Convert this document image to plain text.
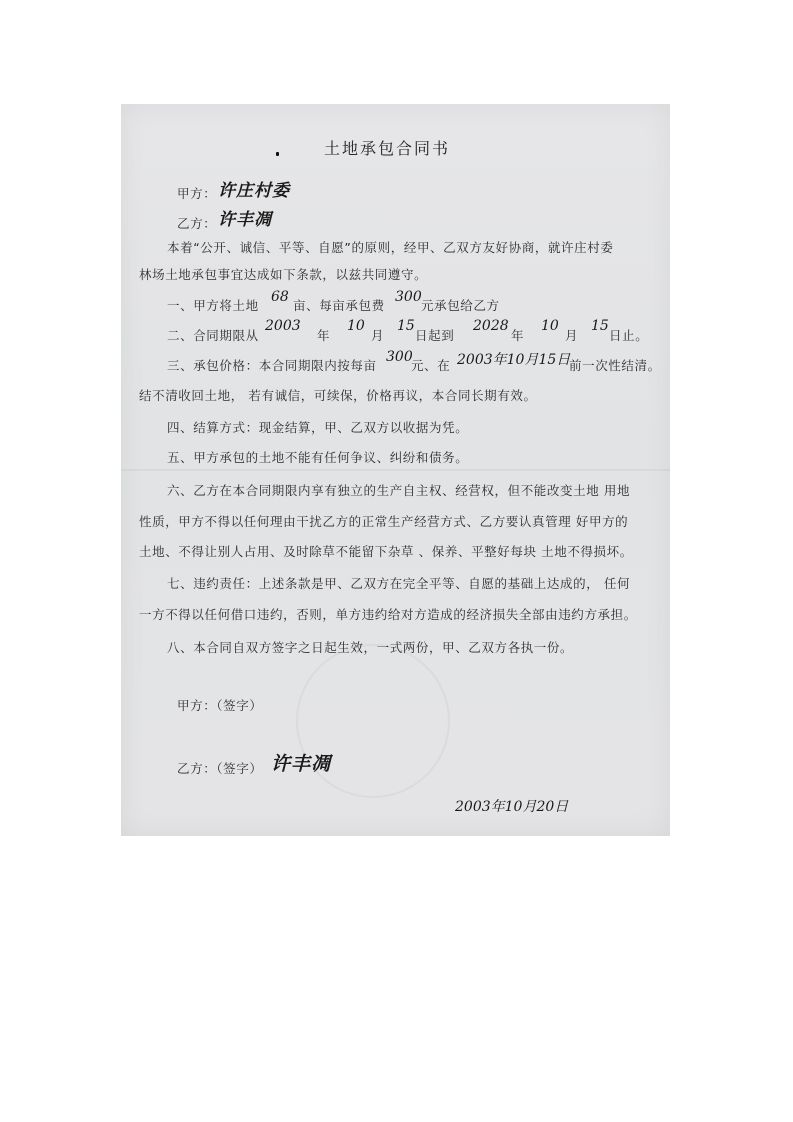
土地承包合同书
甲方： 许庄村委
乙方： 许丰凋
本着“公开、诚信、平等、自愿”的原则，经甲、乙双方友好协商，就许庄村委
林场土地承包事宜达成如下条款，以兹共同遵守。
一、甲方将土地
68
亩、每亩承包费
300
元承包给乙方
二、合同期限从
2003
年
10
月
15
日起到
2028
年
10
月
15
日止。
三、承包价格：本合同期限内按每亩
300
元、在 2003年10月15日
前一次性结清。
结不清收回土地， 若有诚信，可续保，价格再议，本合同长期有效。
四、结算方式：现金结算，甲、乙双方以收据为凭。
五、甲方承包的土地不能有任何争议、纠纷和债务。
六、乙方在本合同期限内享有独立的生产自主权、经营权，但不能改变土地 用地
性质，甲方不得以任何理由干扰乙方的正常生产经营方式、乙方要认真管理 好甲方的
土地、不得让别人占用、及时除草不能留下杂草 、保养、平整好每块 土地不得损坏。
七、违约责任：上述条款是甲、乙双方在完全平等、自愿的基础上达成的， 任何
一方不得以任何借口违约，否则，单方违约给对方造成的经济损失全部由违约方承担。
八、本合同自双方签字之日起生效，一式两份，甲、乙双方各执一份。
甲方：（签字）
乙方：（签字） 许丰凋
2003年10月20日
